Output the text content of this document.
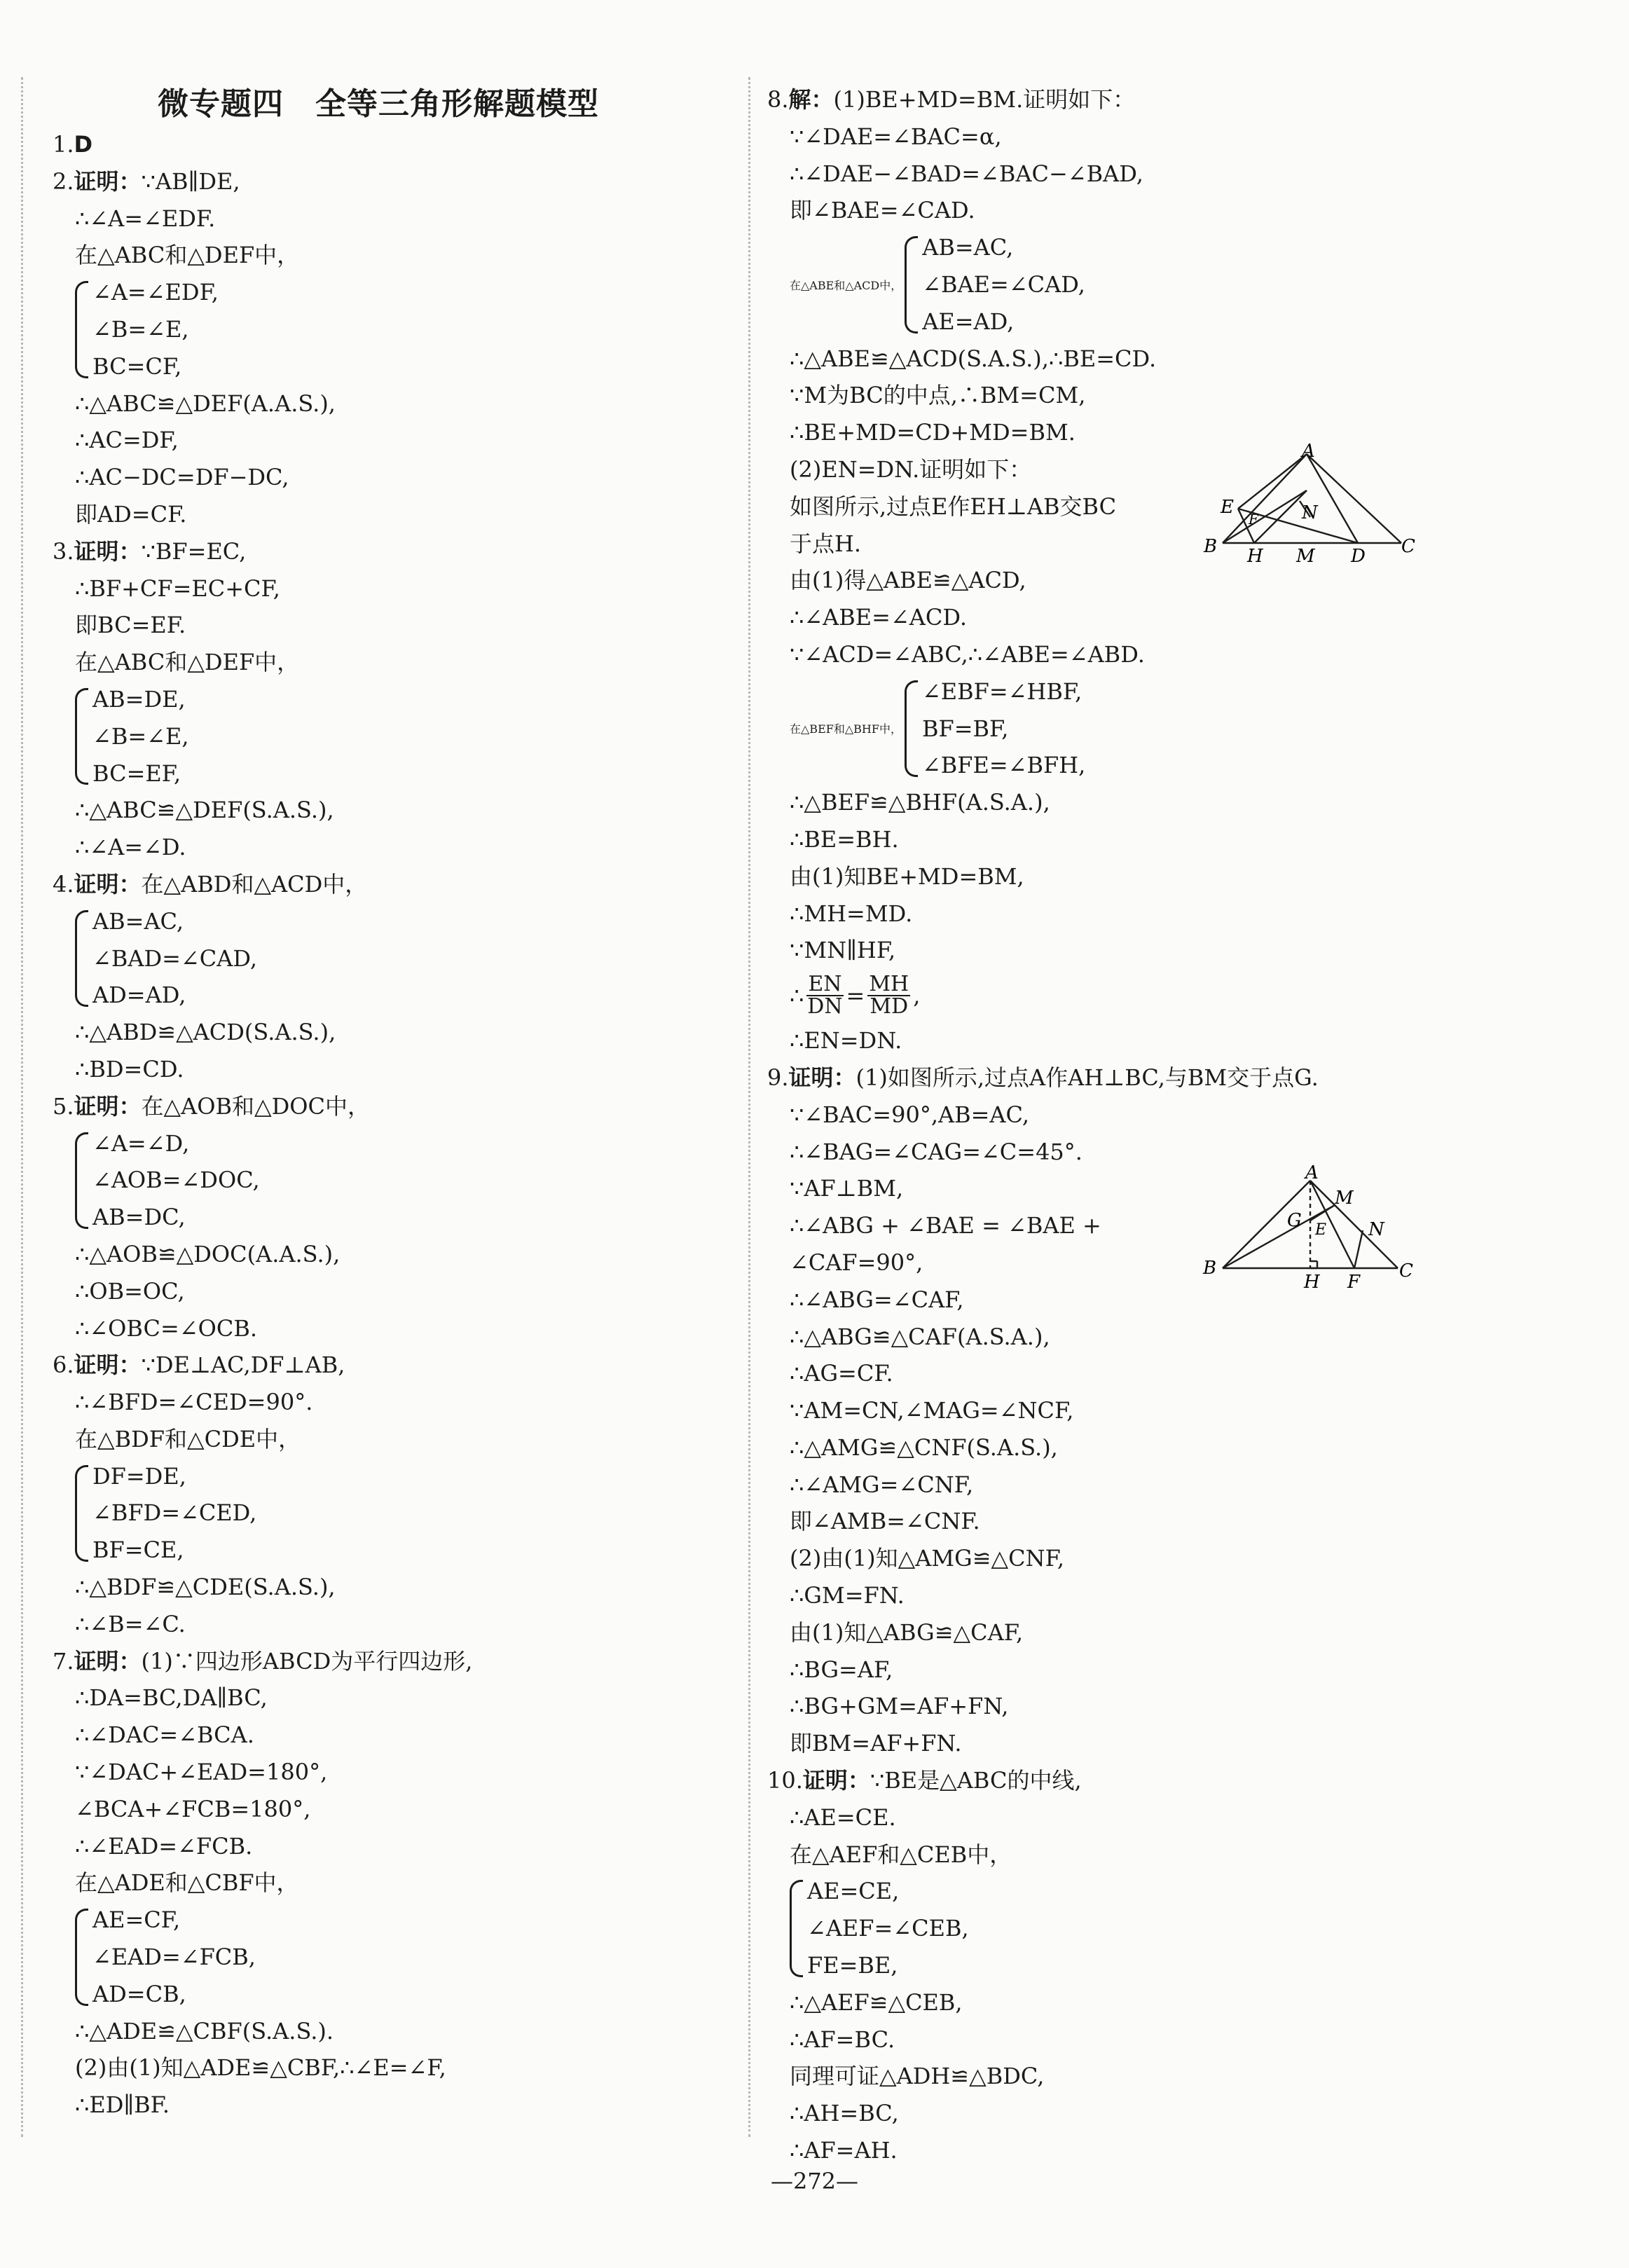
微专题四　全等三角形解题模型
1.D
2.证明：∵AB∥DE,
∴∠A=∠EDF.
在△ABC和△DEF中，
∠A=∠EDF,
∠B=∠E,
BC=CF,
∴△ABC≌△DEF(A.A.S.),
∴AC=DF,
∴AC−DC=DF−DC,
即AD=CF.
3.证明：∵BF=EC,
∴BF+CF=EC+CF,
即BC=EF.
在△ABC和△DEF中，
AB=DE,
∠B=∠E,
BC=EF,
∴△ABC≌△DEF(S.A.S.),
∴∠A=∠D.
4.证明：在△ABD和△ACD中，
AB=AC,
∠BAD=∠CAD,
AD=AD,
∴△ABD≌△ACD(S.A.S.),
∴BD=CD.
5.证明：在△AOB和△DOC中，
∠A=∠D,
∠AOB=∠DOC,
AB=DC,
∴△AOB≌△DOC(A.A.S.),
∴OB=OC,
∴∠OBC=∠OCB.
6.证明：∵DE⊥AC,DF⊥AB,
∴∠BFD=∠CED=90°.
在△BDF和△CDE中，
DF=DE,
∠BFD=∠CED,
BF=CE,
∴△BDF≌△CDE(S.A.S.),
∴∠B=∠C.
7.证明：(1)∵四边形ABCD为平行四边形,
∴DA=BC,DA∥BC,
∴∠DAC=∠BCA.
∵∠DAC+∠EAD=180°,
∠BCA+∠FCB=180°,
∴∠EAD=∠FCB.
在△ADE和△CBF中，
AE=CF,
∠EAD=∠FCB,
AD=CB,
∴△ADE≌△CBF(S.A.S.).
(2)由(1)知△ADE≌△CBF,∴∠E=∠F,
∴ED∥BF.
8.解：(1)BE+MD=BM.证明如下：
∵∠DAE=∠BAC=α,
∴∠DAE−∠BAD=∠BAC−∠BAD,
即∠BAE=∠CAD.
在△ABE和△ACD中，
AB=AC,
∠BAE=∠CAD,
AE=AD,
∴△ABE≌△ACD(S.A.S.),∴BE=CD.
∵M为BC的中点,∴BM=CM,
∴BE+MD=CD+MD=BM.
(2)EN=DN.证明如下：
如图所示,过点E作EH⊥AB交BC
于点H.
由(1)得△ABE≌△ACD,
∴∠ABE=∠ACD.
∵∠ACD=∠ABC,∴∠ABE=∠ABD.
在△BEF和△BHF中，
∠EBF=∠HBF,
BF=BF,
∠BFE=∠BFH,
∴△BEF≌△BHF(A.S.A.),
∴BE=BH.
由(1)知BE+MD=BM,
∴MH=MD.
∵MN∥HF,
∴ $\frac{EN}{DN} = \frac{MH}{MD}$ ,
∴EN=DN.
9.证明：(1)如图所示,过点A作AH⊥BC,与BM交于点G.
∵∠BAC=90°,AB=AC,
∴∠BAG=∠CAG=∠C=45°.
∵AF⊥BM,
∴∠ABG + ∠BAE = ∠BAE +
∠CAF=90°,
∴∠ABG=∠CAF,
∴△ABG≌△CAF(A.S.A.),
∴AG=CF.
∵AM=CN,∠MAG=∠NCF,
∴△AMG≌△CNF(S.A.S.),
∴∠AMG=∠CNF,
即∠AMB=∠CNF.
(2)由(1)知△AMG≌△CNF,
∴GM=FN.
由(1)知△ABG≌△CAF,
∴BG=AF,
∴BG+GM=AF+FN,
即BM=AF+FN.
10.证明：∵BE是△ABC的中线,
∴AE=CE.
在△AEF和△CEB中，
AE=CE,
∠AEF=∠CEB,
FE=BE,
∴△AEF≌△CEB,
∴AF=BC.
同理可证△ADH≌△BDC,
∴AH=BC,
∴AF=AH.
A
B	C
D
E
F
H M
N
A
B	C
E
F
G
H
M
N
—272—
